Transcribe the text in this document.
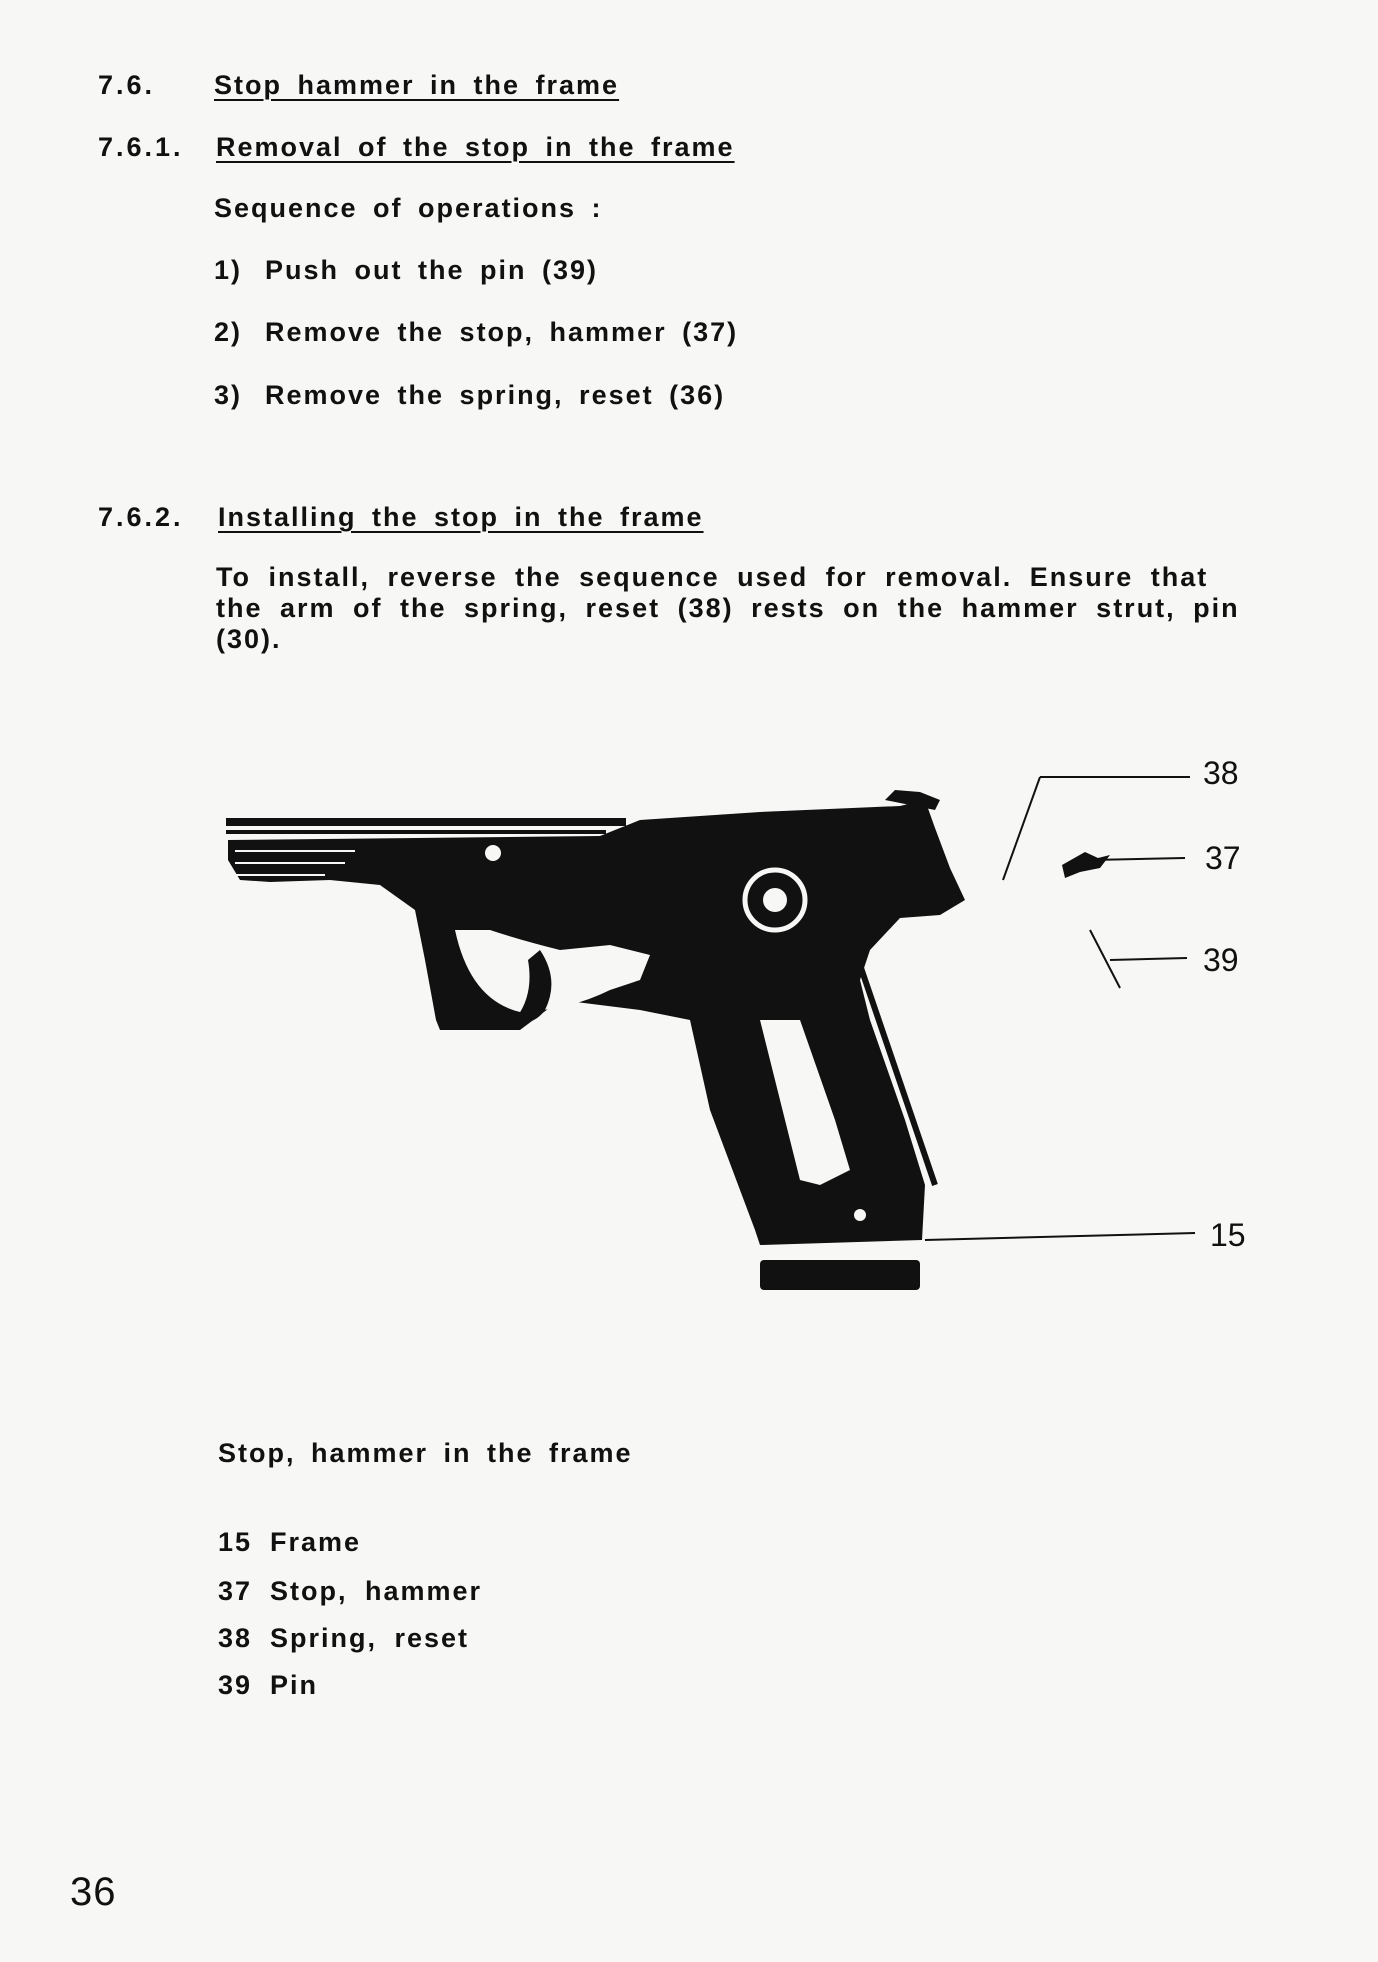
7.6. Stop hammer in the frame
7.6.1. Removal of the stop in the frame
Sequence of operations :
1) Push out the pin (39)
2) Remove the stop, hammer (37)
3) Remove the spring, reset (36)
7.6.2. Installing the stop in the frame
To install, reverse the sequence used for removal. Ensure that the arm of the spring, reset (38) rests on the hammer strut, pin (30).
38
37
39
15
Stop, hammer in the frame
15 Frame
37 Stop, hammer
38 Spring, reset
39 Pin
36
